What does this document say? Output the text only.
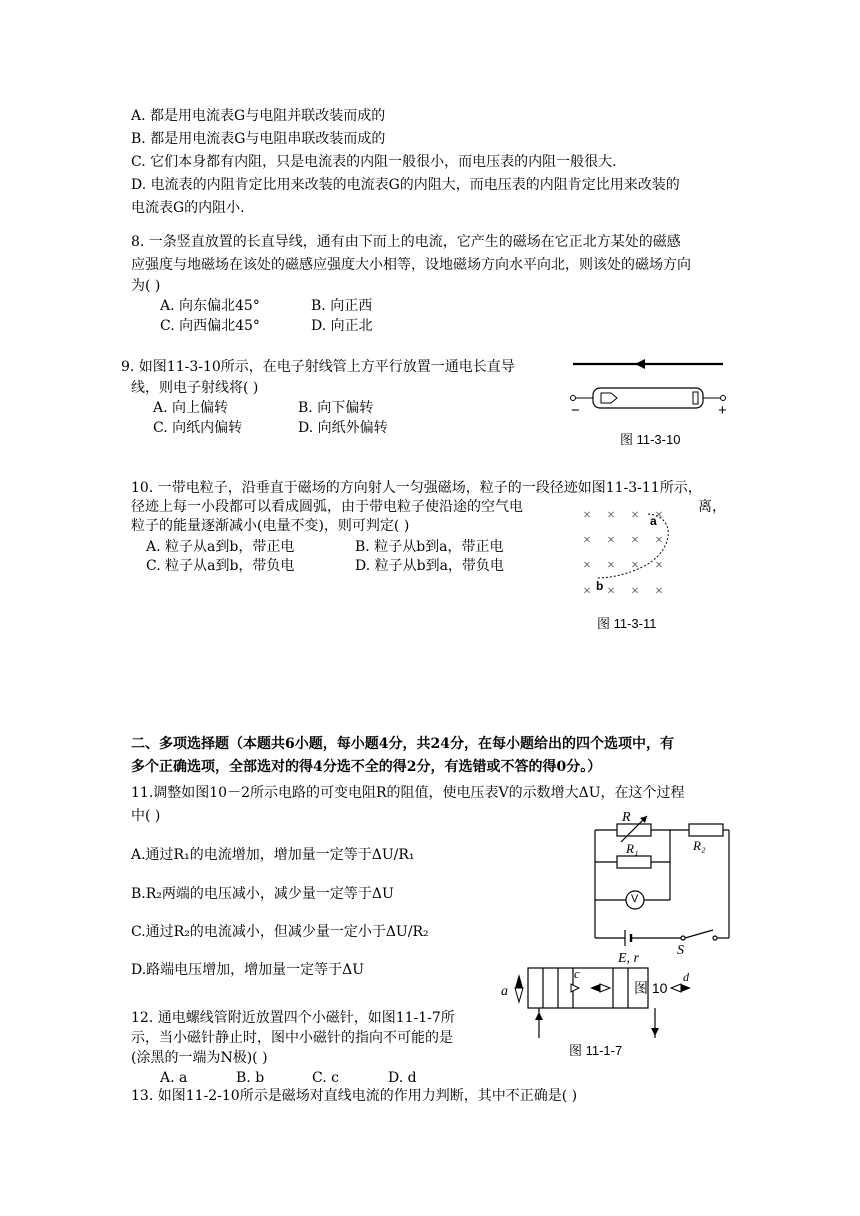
A. 都是用电流表G与电阻并联改装而成的
B. 都是用电流表G与电阻串联改装而成的
C. 它们本身都有内阻，只是电流表的内阻一般很小，而电压表的内阻一般很大.
D. 电流表的内阻肯定比用来改装的电流表G的内阻大，而电压表的内阻肯定比用来改装的
电流表G的内阻小.
8. 一条竖直放置的长直导线，通有由下而上的电流，它产生的磁场在它正北方某处的磁感
应强度与地磁场在该处的磁感应强度大小相等，设地磁场方向水平向北，则该处的磁场方向
为( )
A. 向东偏北45°	B. 向正西
C. 向西偏北45°	D. 向正北
9. 如图11-3-10所示，在电子射线管上方平行放置一通电长直导
线，则电子射线将( )
A. 向上偏转	B. 向下偏转
C. 向纸内偏转	D. 向纸外偏转
−	+
图 11-3-10
10. 一带电粒子，沿垂直于磁场的方向射人一匀强磁场，粒子的一段径迹如图11-3-11所示，
径迹上每一小段都可以看成圆弧，由于带电粒子使沿途的空气电	离，
粒子的能量逐渐减小(电量不变)，则可判定( )
A. 粒子从a到b，带正电	B. 粒子从b到a，带正电
C. 粒子从a到b，带负电	D. 粒子从b到a，带负电
× × × ×
× × × ×
× × × ×
× × × ×
a
b
图 11-3-11
二、多项选择题（本题共6小题，每小题4分，共24分，在每小题给出的四个选项中，有
多个正确选项，全部选对的得4分选不全的得2分，有选错或不答的得0分。）
11.调整如图10－2所示电路的可变电阻R的阻值，使电压表V的示数增大ΔU，在这个过程
中( )
A.通过R₁的电流增加，增加量一定等于ΔU/R₁
B.R₂两端的电压减小，减少量一定等于ΔU
C.通过R₂的电流减小，但减少量一定小于ΔU/R₂
D.路端电压增加，增加量一定等于ΔU
R
R₁	R₂
V
E, r
S
图 10
a
c	d
图 11-1-7
12. 通电螺线管附近放置四个小磁针，如图11-1-7所
示，当小磁针静止时，图中小磁针的指向不可能的是
(涂黑的一端为N极)( )
A. a	B. b	C. c	D. d
13. 如图11-2-10所示是磁场对直线电流的作用力判断，其中不正确是( )
